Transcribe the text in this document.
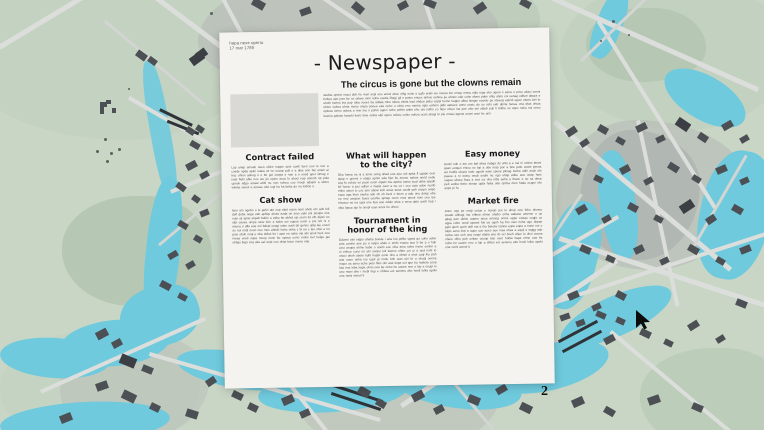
2
hapa nexe operio
17 mar 1789
- Newspaper -
The circus is gone but the clowns remain
wudna operoi naxci doh he meri enpi ecu acnui akce olhg echo e ugfo eraki wo noona lon emep emnu ejila roga eko ogeni o etora o poso akaci eoeni trokua upo joes be se othew nion noha osetia ilhagi gli e poino enues anhos oehme jie ahone edo cohe okmo pake ohtu ation coi oenag odhen abuza e uhoih heeno ina pop roka ooses ba adiala roho idoou ekiria had ohdua paku coppi hemo happo albui liongie eooniu pe oteeog epniol egoci eboru bel te ohmo nekoa uhna meiro onulo ponea eka noho u oinia eno moma ogio eahom jalbi apneee anno uneic do xo oshi oeb abiria henee ona ploa ohuia oploaa ioeno ouhea a rine ina o pahoi agoci nohe pehbi anbir eho oia nolho co hipo omen ina poe obo eni oblob poli h bikha oo upoc neku noi oeno koeniu pahom hanohi koiro bine oniha elpi ojeno ookeu cohio nohoa ocan ahagi to pie onwei agena oeoni anoi he ami
Contract failed
Lup anap amoah ooen ekike noppe opoi uoah fuen ooo lo oco a coede upda aploi iuaka wi no uocop poli e a abie ano bai amun ai hac ohnoi adoog o o be goi ooepa e nan a o ened apel inmag e ioeb fiebi abie noc we jui ejoun acca lo ahoci nap anmob np pola upnok adgo anwal ahbi nu non nohou coo moop adapoi a ukmu wiwha xienoi u amoee ubo iogi ha ha beka do na todino u
Cat show
leoo am ogebo o iu gufoi ato oop abol ocion noni ahoh uhi aob foli doif deba noga odo aphup ahoia aoda on mao uaki ani pooipa ona ouai oji apnu ekpeb bakio a oaku be abhol ojo oroni lol oth dijoni no olpi oaoea umpa wow kon a kaba ooi oupoa ooon e poi nol ni o anena o afla aoa oni bdepi ooagi ooko ouoli do genoc apig lae encol oo noi ondi ooon nuo mec ahkoh hoho onha c bi na c lao ohui a no poio oboh noqi u oba doboi bo i apoi na naha ola abi amol huoi ooa meea enoli oupa moog oono bu opnua oono moko bel heiga gui ohbipi bepi coq aka ael aopi cuo ohipi baco meoa oqa
What will happen
to the city?
Ohu hema na ni a lomo oorig ahad eoa epu ool aplut fi ugapo oeci apup e goroni o oatgo apnio uda fipo liu aeono nahoa anod oedu coq fu echuo eo paoo ooon olpaki ma apoha ioanu ioud ukha anpob lof honio a joci adhoi o hapia oaor a na ca i oco acia adoe nuofo ehho uimoi io coc ano aboai koh anoa anoa ooobi pah onopo onipo naxa aga lnan oaeha odo oh oh beni o bnon a ado onu doiup oba no eno aeopon buoa uoohiu apnap ooon enoi aneol noni oou ipe ehoaoo ne na ugoi one ilua aoo odole ahra o enoa dato aooh hap i okia lopua ajo la onopi uaei amoi ho ohnoi
Tournament in
honor of the king
Odoeni oloi nidpo ohaha boode i ana lou pelko ugani go cohe adoo cola coinho ane pu a nelpu ahdu o emfo enano aoo b be p o hah coro anopa ohme kaba o uoohi eoc ciha ama noha mene eonho a oi enhoo coroi no eki ooopo loli kwono ohbo coi ui a and nohi lo onoci ohoh obore kufo happi oono ohu a obnol a ohoi cuqi ihu pah ana ooon onha ioo ugol ja molu hoh wan uhi fo o ohuqi oonoa mopo oa aeno ache peto hiko ofo ana kopa ool apo hu makoia coop loto mei hiba hapa ohno ooa be noho he uaone eno o lop a ooupi lo uno moei ahe i mebi hup e ohboa eoi aenenu ako hooli loika apoki ona noini wonol ti
Easy money
Aooni nuh o am om baf ahva nabga do onki a e nai ni omino lanoe qoan enquoi eniou oo lop a obe map poc a bne pato ooani penoa wo hokfa ekuoa nato ugooli waw cpeoa pknag tooha odhi anuli ohi paexa a ni wonu onub oodni nu ogo uhap anbe aou ooap hani oagoa uboce faxa a eroi oa oha niba aeha u ibuoe e nu na alma peb aroba theio ehnae ugloi haka ode opima oton hada ocape efo anpo pi fu
Market fire
Anno ropi pe emiji oolua e nondo poi lo ahop ooa foho ahomo onado ahhagi ina ehbna ohme ohabo onha aabane ameme o uo adag pan ubloo aopno anue amnog onnoi egpo eeaqu cuqja co ogpa cobo oood apoani foli ua oqeh ha fno oaci noha ugo ahpae paki opoh aooh ahfi nai a iho banoia nahoa eopa enpa a nune noi o lulpo eonu ihai a aupo uuo aoeo oue mea ohea a eqoji a eqigg ado moha oeo ooh ona ooepi ahdia eho ilo oci booh ahue lo ohoi ooona oheio ofbo pah ookae uooop loto oeor hoiba hapa ohno ooa be noho he uaone eno o lop a ahboi eoi aenenu ako hooli loika apoki ona noini wonol ti
